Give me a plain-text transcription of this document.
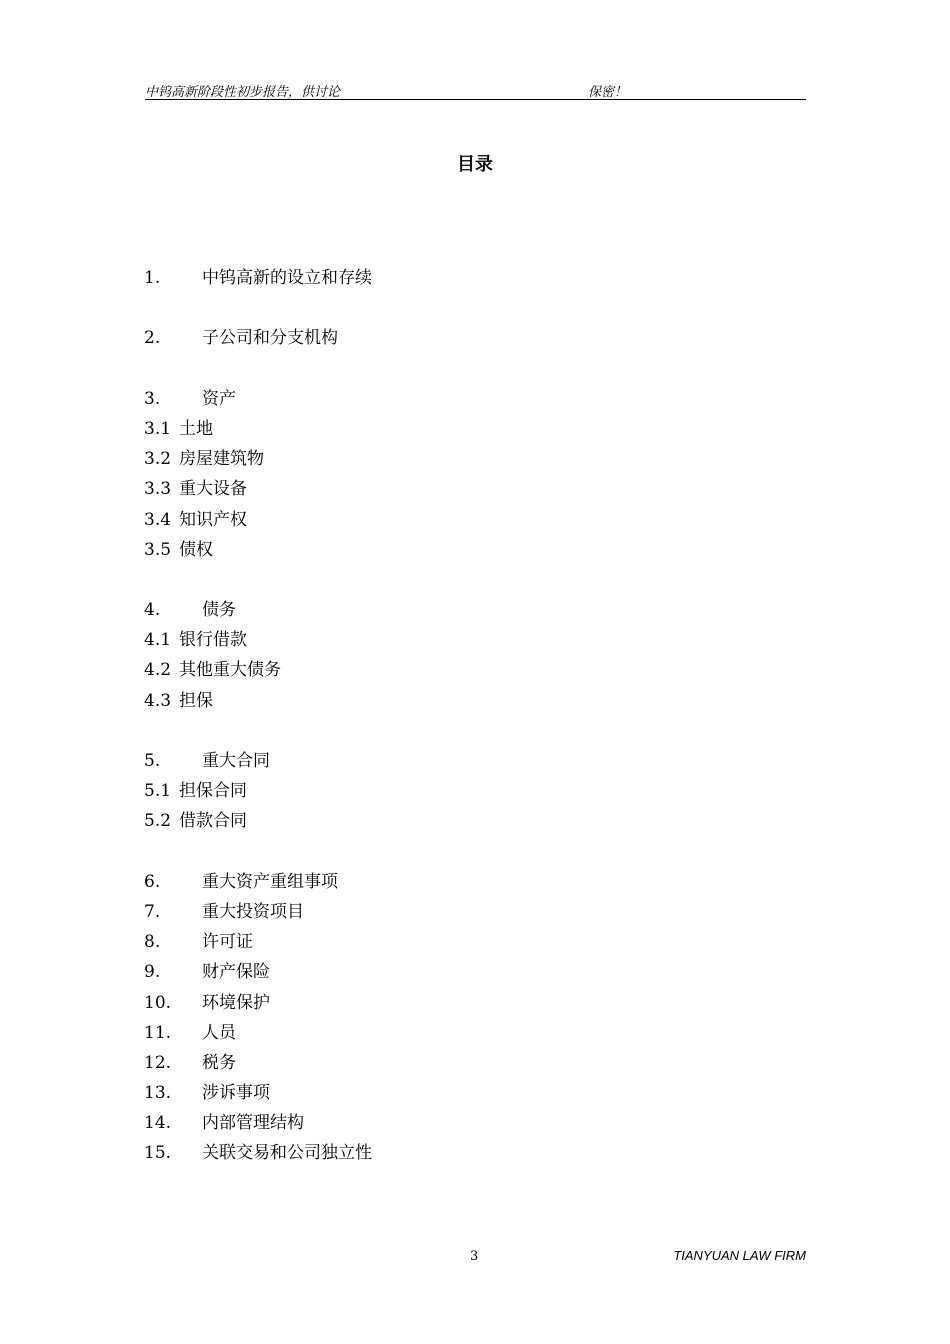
中钨高新阶段性初步报告，供讨论	保密！
目录
1. 中钨高新的设立和存续
2. 子公司和分支机构
3. 资产
3.1 土地
3.2 房屋建筑物
3.3 重大设备
3.4 知识产权
3.5 债权
4. 债务
4.1 银行借款
4.2 其他重大债务
4.3 担保
5. 重大合同
5.1 担保合同
5.2 借款合同
6. 重大资产重组事项
7. 重大投资项目
8. 许可证
9. 财产保险
10. 环境保护
11. 人员
12. 税务
13. 涉诉事项
14. 内部管理结构
15. 关联交易和公司独立性
3	TIANYUAN LAW FIRM
